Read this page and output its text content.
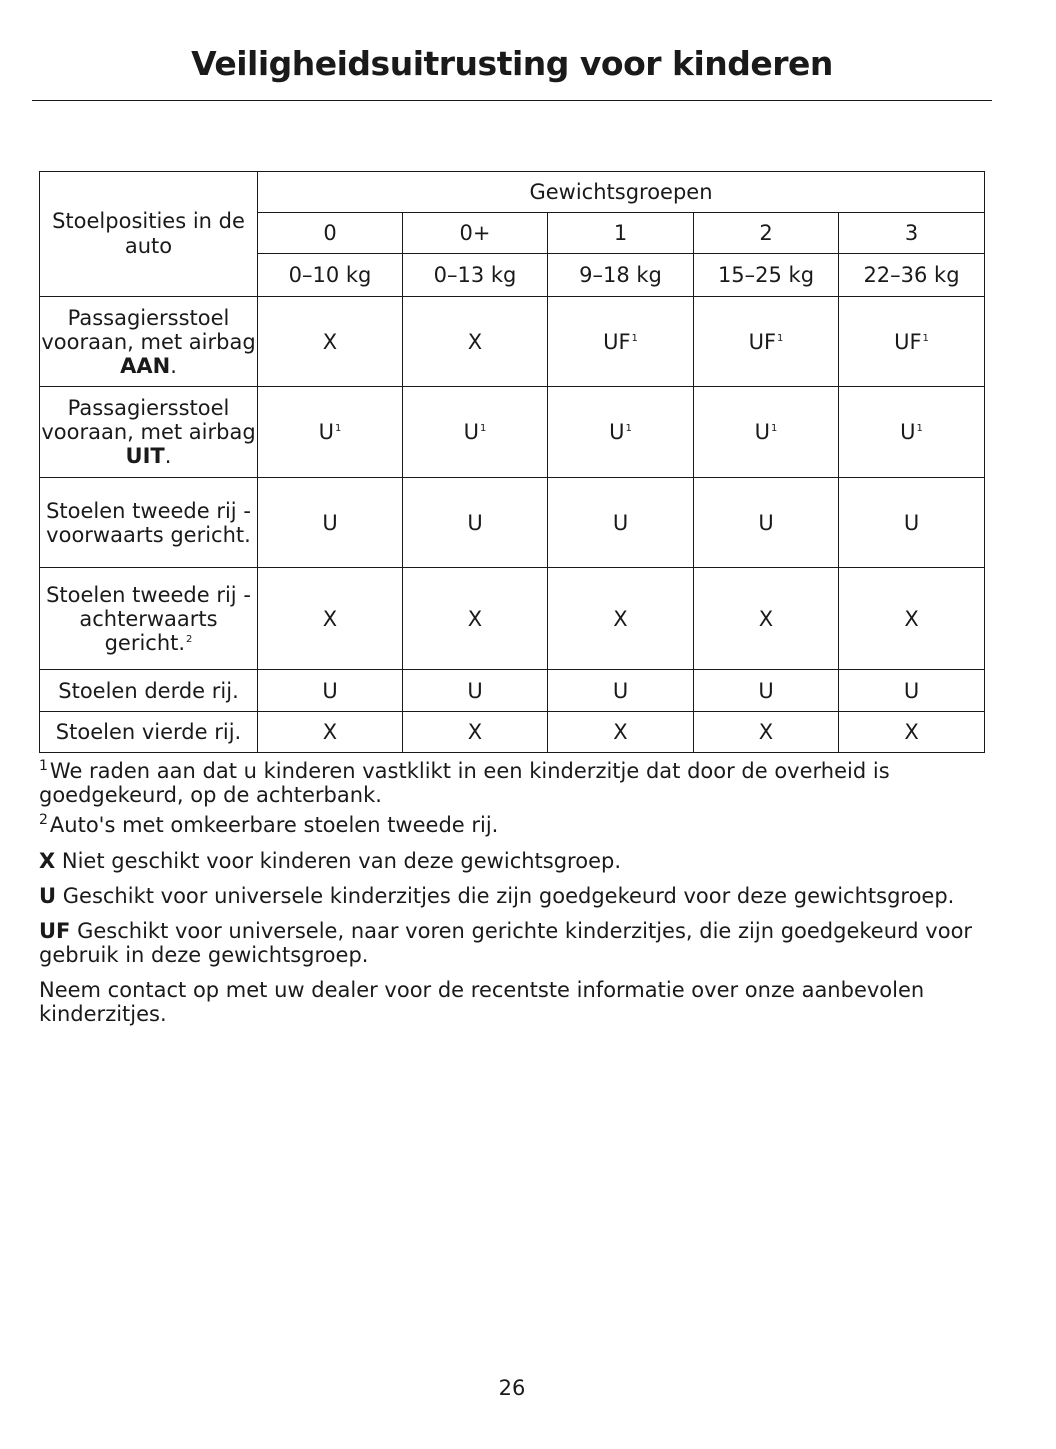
Veiligheidsuitrusting voor kinderen
Stoelposities in de auto	Gewichtsgroepen				
	0	0+	1	2	3
	0–10 kg	0–13 kg	9–18 kg	15–25 kg	22–36 kg
Passagiersstoel vooraan, met airbag AAN.	X	X	$UF^1$	$UF^1$	$UF^1$
Passagiersstoel vooraan, met airbag UIT.	$U^1$	$U^1$	$U^1$	$U^1$	$U^1$
Stoelen tweede rij - voorwaarts gericht.	U	U	U	U	U
Stoelen tweede rij - achterwaarts gericht.$^2$	X	X	X	X	X
Stoelen derde rij.	U	U	U	U	U
Stoelen vierde rij.	X	X	X	X	X

$^1$We raden aan dat u kinderen vastklikt in een kinderzitje dat door de overheid is goedgekeurd, op de achterbank.

$^2$Auto's met omkeerbare stoelen tweede rij.

X Niet geschikt voor kinderen van deze gewichtsgroep.

U Geschikt voor universele kinderzitjes die zijn goedgekeurd voor deze gewichtsgroep.

UF Geschikt voor universele, naar voren gerichte kinderzitjes, die zijn goedgekeurd voor gebruik in deze gewichtsgroep.

Neem contact op met uw dealer voor de recentste informatie over onze aanbevolen kinderzitjes.

26
